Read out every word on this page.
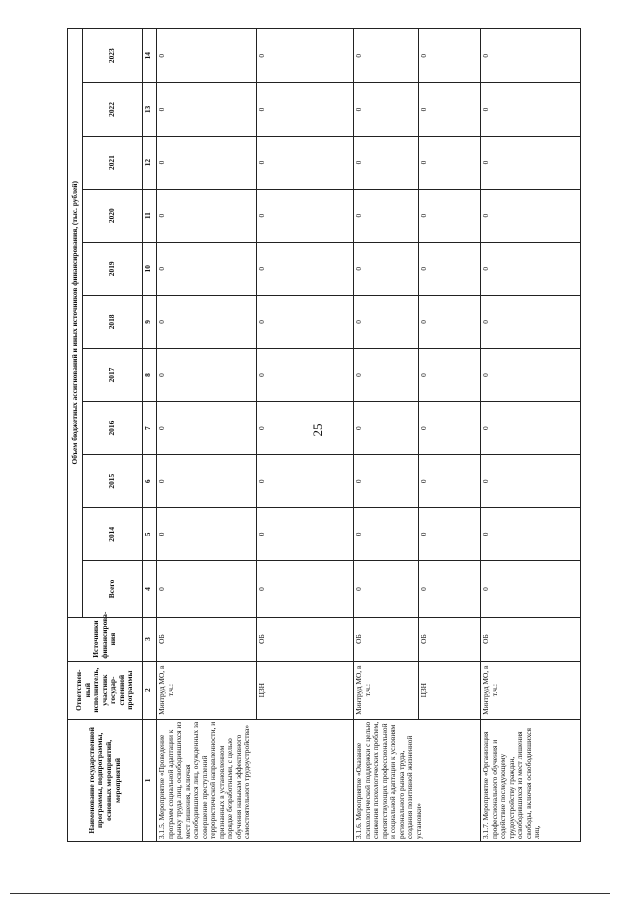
25
Наименование государственной программы, подпрограммы, основных мероприятий, мероприятий	Ответствен- ный исполнитель, участник государ- ственной программы	Источники финансирова- ния	Объем бюджетных ассигнований и иных источников финансирования, (тыс. рублей)										
			Всего	2014	2015	2016	2017	2018	2019	2020	2021	2022	2023
1	2	3	4	5	6	7	8	9	10	11	12	13	14
3.1.5. Мероприятие «Проведение программ социальной адаптации к рынку труда лиц, освободившихся из мест лишения, включая освободившихся лиц, осужденных за совершение преступлений террористической направленности, и признанных в установленном порядке безработными, с целью обучения навыкам эффективного самостоятельного трудоустройства»	Минтруд МО, в т.ч.:	ОБ	0	0	0	0	0	0	0	0	0	0	0
	ЦЗН	ОБ	0	0	0	0	0	0	0	0	0	0	0
3.1.6. Мероприятие «Оказание психологической поддержки с целью снижения психологических проблем, препятствующих профессиональной и социальной адаптации к условиям регионального рынка труда, создания позитивной жизненной установки»	Минтруд МО, в т.ч.:	ОБ	0	0	0	0	0	0	0	0	0	0	0
	ЦЗН	ОБ	0	0	0	0	0	0	0	0	0	0	0
3.1.7. Мероприятие «Организация профессионального обучения и содействие последующему трудоустройству граждан, освободившихся из мест лишения свободы, включая освободившихся лиц,	Минтруд МО, в т.ч.:	ОБ	0	0	0	0	0	0	0	0	0	0	0
